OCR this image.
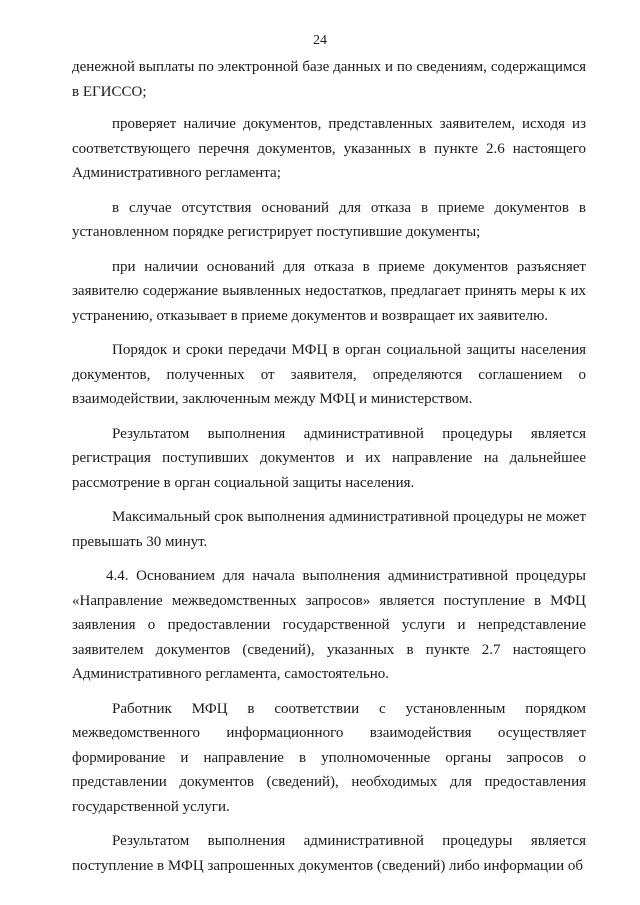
24

денежной выплаты по электронной базе данных и по сведениям, содержащимся в ЕГИССО;

проверяет наличие документов, представленных заявителем, исходя из соответствующего перечня документов, указанных в пункте 2.6 настоящего Административного регламента;

в случае отсутствия оснований для отказа в приеме документов в установленном порядке регистрирует поступившие документы;

при наличии оснований для отказа в приеме документов разъясняет заявителю содержание выявленных недостатков, предлагает принять меры к их устранению, отказывает в приеме документов и возвращает их заявителю.

Порядок и сроки передачи МФЦ в орган социальной защиты населения документов, полученных от заявителя, определяются соглашением о взаимодействии, заключенным между МФЦ и министерством.

Результатом выполнения административной процедуры является регистрация поступивших документов и их направление на дальнейшее рассмотрение в орган социальной защиты населения.

Максимальный срок выполнения административной процедуры не может превышать 30 минут.

4.4. Основанием для начала выполнения административной процедуры «Направление межведомственных запросов» является поступление в МФЦ заявления о предоставлении государственной услуги и непредставление заявителем документов (сведений), указанных в пункте 2.7 настоящего Административного регламента, самостоятельно.

Работник МФЦ в соответствии с установленным порядком межведомственного информационного взаимодействия осуществляет формирование и направление в уполномоченные органы запросов о представлении документов (сведений), необходимых для предоставления государственной услуги.

Результатом выполнения административной процедуры является поступление в МФЦ запрошенных документов (сведений) либо информации об
